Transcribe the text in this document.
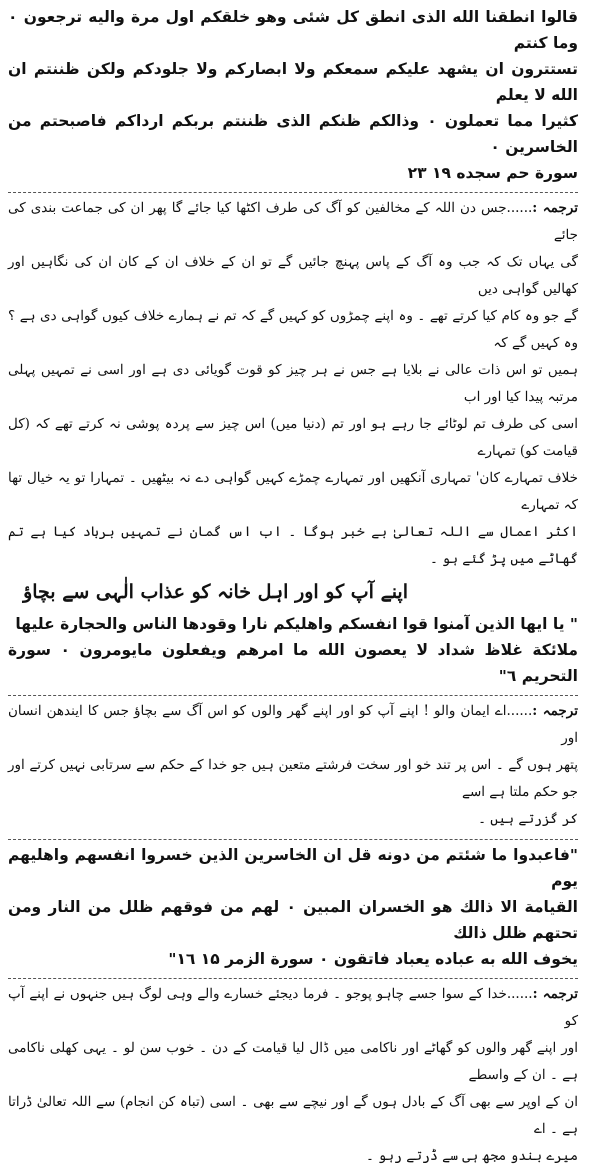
قالوا انطقنا الله الذی انطق كل شئی وهو خلقكم اول مرة واليه ترجعون ۰ وما كنتم

تستترون ان يشهد عليكم سمعكم ولا ابصاركم ولا جلودكم ولكن ظننتم ان الله لا يعلم

كثيرا مما تعملون ۰ وذالكم ظنكم الذی ظننتم بربكم ارداكم فاصبحتم من الخاسرين ۰

سورة حم سجده ۱۹ ۲۳

ترجمہ :......جس دن اللہ کے مخالفین کو آگ کی طرف اکٹھا کیا جائے گا پھر ان کی جماعت بندی کی جائے

گی یہاں تک کہ جب وہ آگ کے پاس پہنچ جائیں گے تو ان کے خلاف ان کے کان ان کی نگاہیں اور کھالیں گواہی دیں

گے جو وہ کام کیا کرتے تھے ۔ وہ اپنے چمڑوں کو کہیں گے کہ تم نے ہمارے خلاف کیوں گواہی دی ہے ؟ وہ کہیں گے کہ

ہمیں تو اس ذات عالی نے بلایا ہے جس نے ہر چیز کو قوت گویائی دی ہے اور اسی نے تمہیں پہلی مرتبہ پیدا کیا اور اب

اسی کی طرف تم لوٹائے جا رہے ہو اور تم (دنیا میں) اس چیز سے پردہ پوشی نہ کرتے تھے کہ (کل قیامت کو) تمہارے

خلاف تمہارے کان' تمہاری آنکھیں اور تمہارے چمڑے کہیں گواہی دے نہ بیٹھیں ۔ تمہارا تو یہ خیال تھا کہ تمہارے

اکثر اعمال سے اللہ تعالیٰ بے خبر ہوگا ۔ اب اس گمان نے تمہیں برباد کیا ہے تم گھاٹے میں پڑ گئے ہو ۔

اپنے آپ کو اور اہل خانہ کو عذاب الٰہی سے بچاؤ

" يا ايها الذين آمنوا قوا انفسكم واهليكم نارا وقودها الناس والحجارة عليها

ملائكة غلاظ شداد لا يعصون الله ما امرهم ويفعلون مايومرون ۰ سورة التحريم ٦"

ترجمہ :......اے ایمان والو ! اپنے آپ کو اور اپنے گھر والوں کو اس آگ سے بچاؤ جس کا ایندھن انسان اور

پتھر ہوں گے ۔ اس پر تند خو اور سخت فرشتے متعین ہیں جو خدا کے حکم سے سرتابی نہیں کرتے اور جو حکم ملتا ہے اسے

کر گزرتے ہیں ۔

"فاعبدوا ما شئتم من دونه قل ان الخاسرين الذين خسروا انفسهم واهليهم يوم

القيامة الا ذالك هو الخسران المبين ۰ لهم من فوقهم ظلل من النار ومن تحتهم ظلل ذالك

يخوف الله به عباده يعباد فاتقون ۰ سورة الزمر ۱۵ ۱٦"

ترجمہ :......خدا کے سوا جسے چاہو پوجو ۔ فرما دیجئے خسارے والے وہی لوگ ہیں جنہوں نے اپنے آپ کو

اور اپنے گھر والوں کو گھاٹے اور ناکامی میں ڈال لیا قیامت کے دن ۔ خوب سن لو ۔ یہی کھلی ناکامی ہے ۔ ان کے واسطے

ان کے اوپر سے بھی آگ کے بادل ہوں گے اور نیچے سے بھی ۔ اسی (تباہ کن انجام) سے اللہ تعالیٰ ڈراتا ہے ۔ اے

میرے بندو مجھ ہی سے ڈرتے رہو ۔
